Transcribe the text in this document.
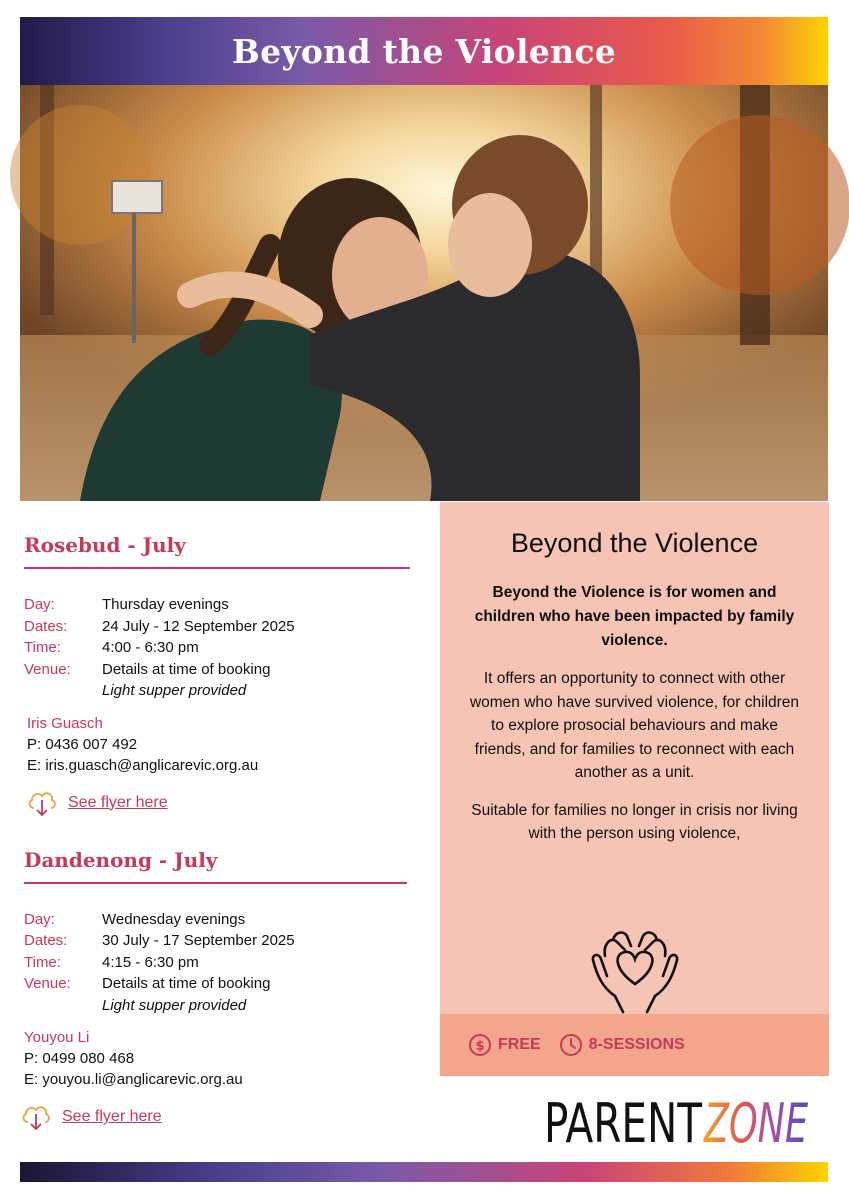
Beyond the Violence
Rosebud - July
Day:	Thursday evenings
Dates:	24 July - 12 September 2025
Time:	4:00 - 6:30 pm
Venue:	Details at time of booking
Light supper provided
Iris Guasch
P: 0436 007 492
E: iris.guasch@anglicarevic.org.au
See flyer here
Dandenong - July
Day:	Wednesday evenings
Dates:	30 July - 17 September 2025
Time:	4:15 - 6:30 pm
Venue:	Details at time of booking
Light supper provided
Youyou Li
P: 0499 080 468
E: youyou.li@anglicarevic.org.au
See flyer here
Beyond the Violence

Beyond the Violence is for women and children who have been impacted by family violence.

It offers an opportunity to connect with other women who have survived violence, for children to explore prosocial behaviours and make friends, and for families to reconnect with each another as a unit.

Suitable for families no longer in crisis nor living with the person using violence,

$ FREE	8-SESSIONS
PARENT ZONE
